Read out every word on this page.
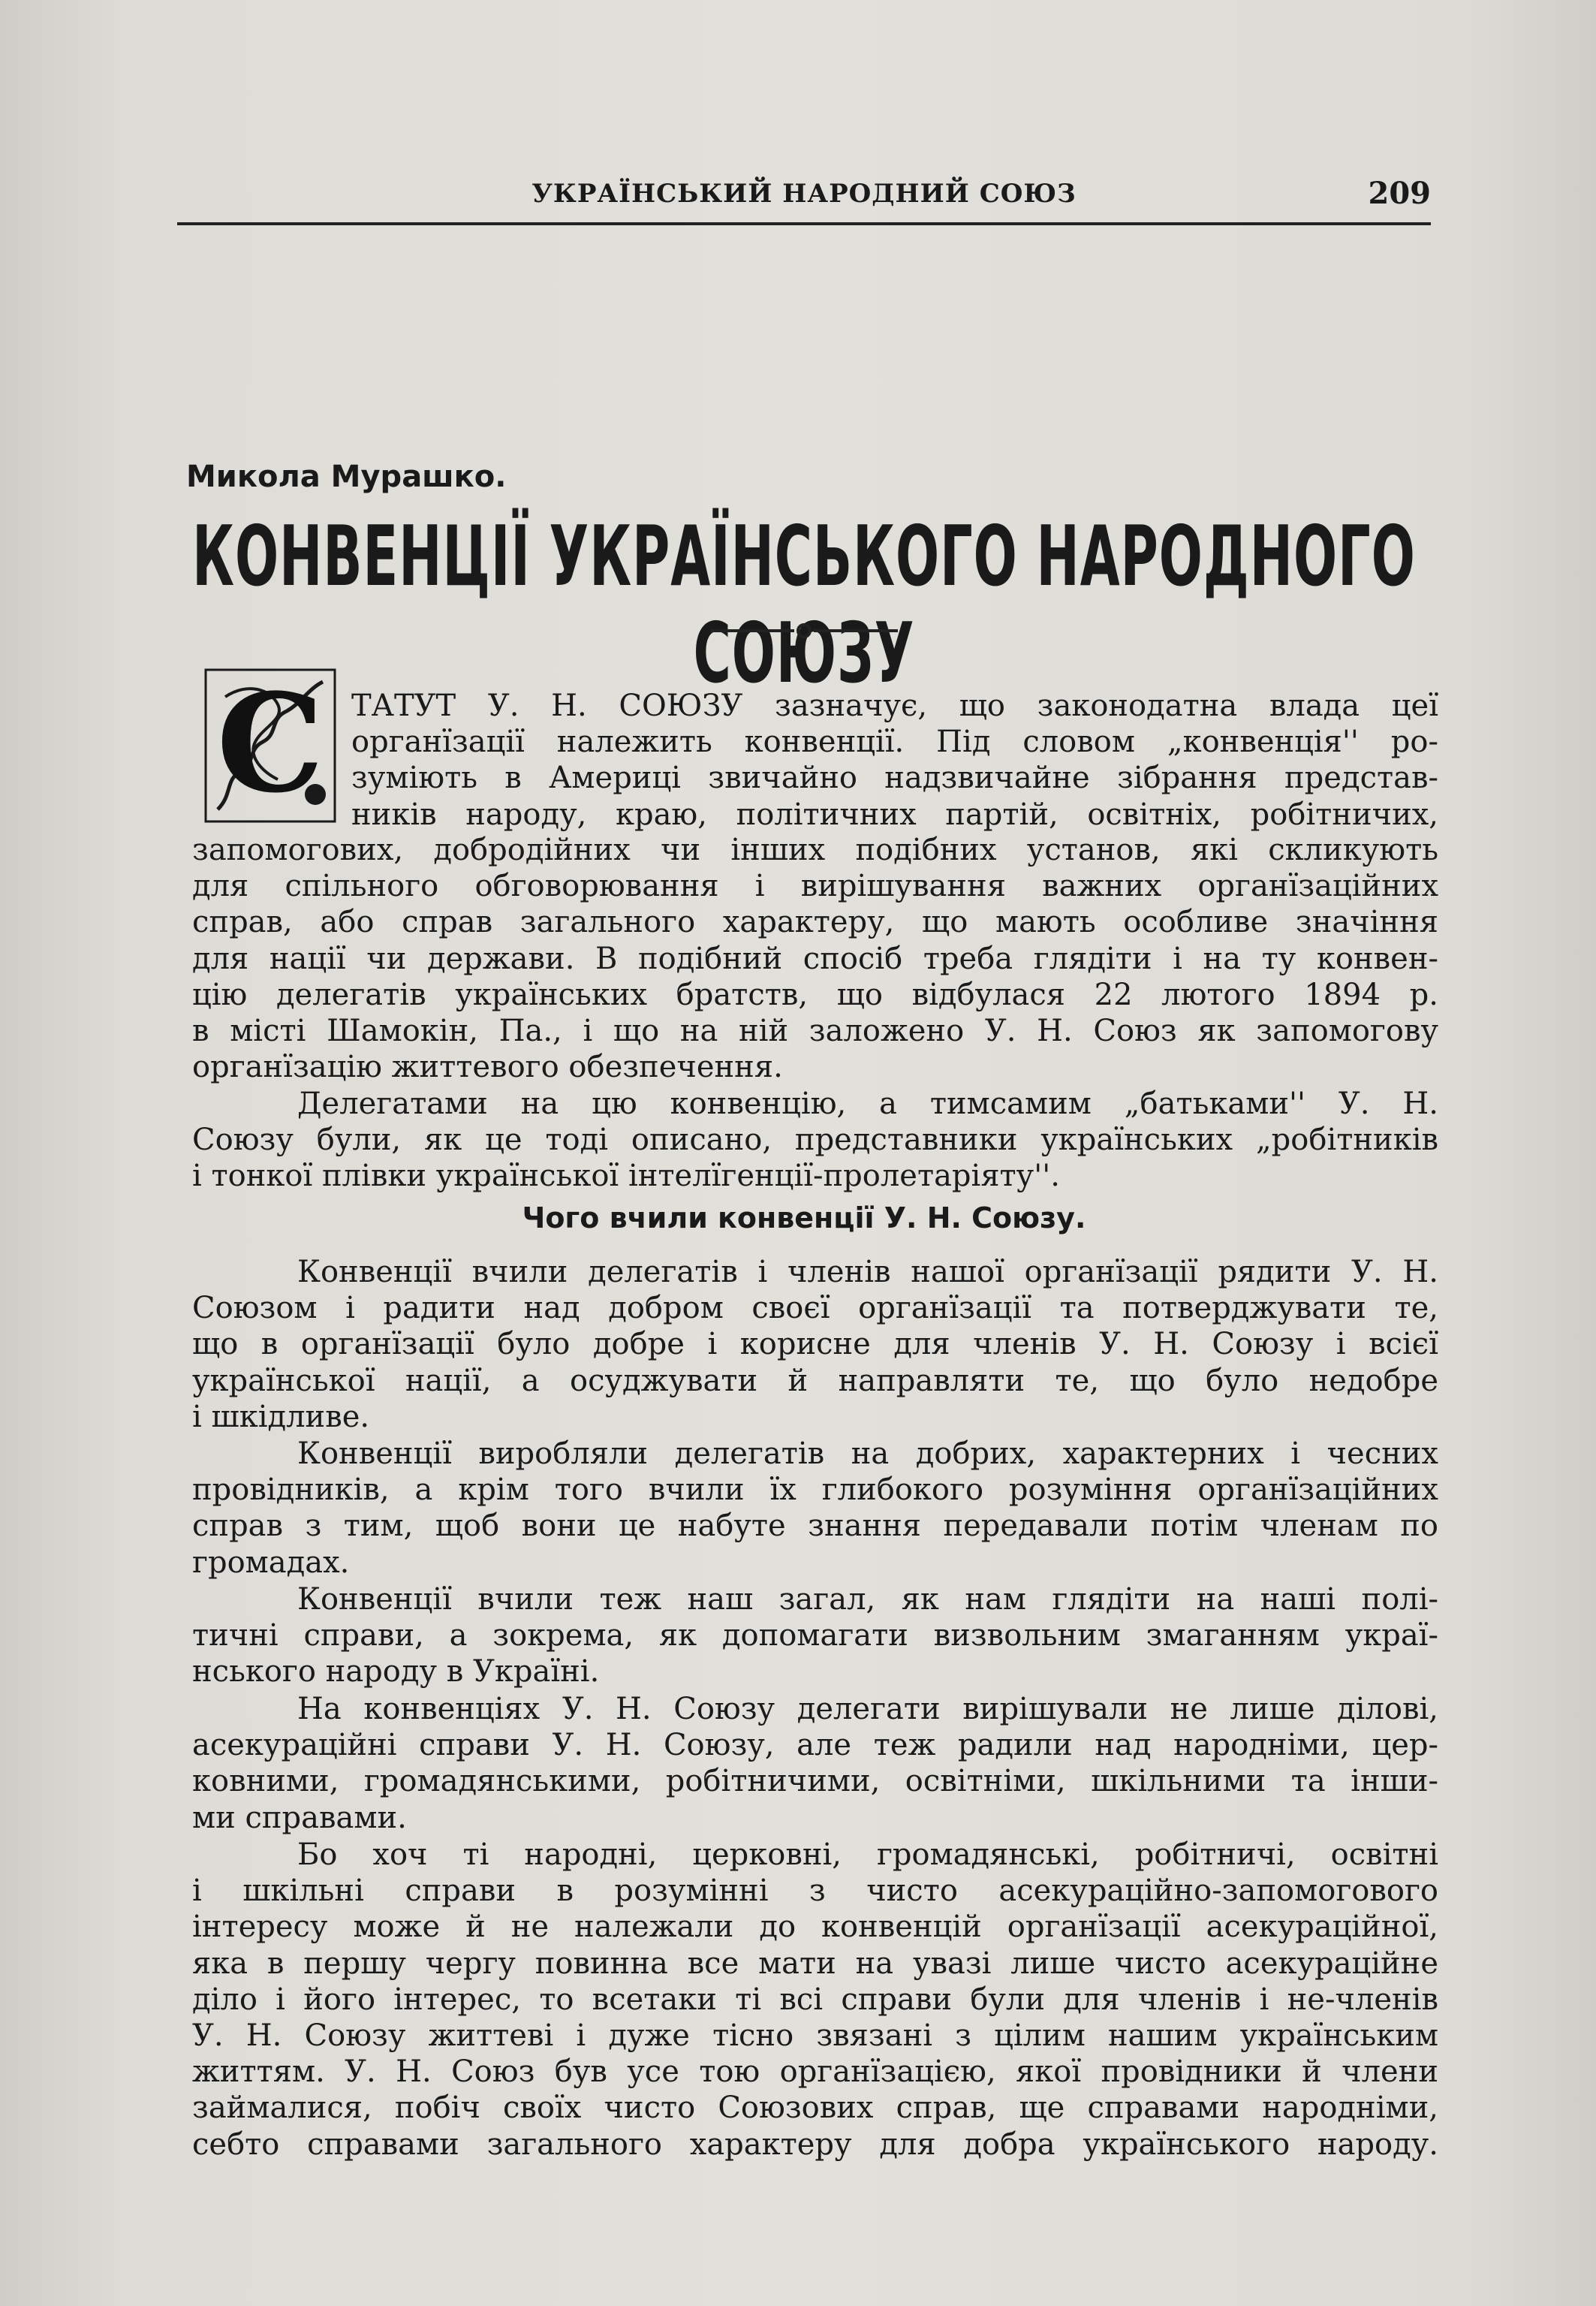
УКРАЇНСЬКИЙ НАРОДНИЙ СОЮЗ	209
Микола Мурашко.
КОНВЕНЦІЇ УКРАЇНСЬКОГО НАРОДНОГО СОЮЗУ
С ТАТУТ У. Н. СОЮЗУ зазначує, що законодатна влада цеї
органїзації належить конвенції. Під словом „конвенція'' ро-
зуміють в Америці звичайно надзвичайне зібрання представ-
ників народу, краю, політичних партій, освітніх, робітничих,
запомогових, добродійних чи інших подібних установ, які скликують
для спільного обговорювання і вирішування важних органїзаційних
справ, або справ загального характеру, що мають особливе значіння
для нації чи держави. В подібний спосіб треба глядіти і на ту конвен-
цію делегатів українських братств, що відбулася 22 лютого 1894 р.
в місті Шамокін, Па., і що на ній заложено У. Н. Союз як запомогову
органїзацію життевого обезпечення.
Делегатами на цю конвенцію, а тимсамим „батьками'' У. Н.
Союзу були, як це тоді описано, представники українських „робітників
і тонкої плівки української інтелїгенції-пролетаріяту''.
Чого вчили конвенції У. Н. Союзу.
Конвенції вчили делегатів і членів нашої органїзації рядити У. Н.
Союзом і радити над добром своєї органїзації та потверджувати те,
що в органїзації було добре і корисне для членів У. Н. Союзу і всієї
української нації, а осуджувати й направляти те, що було недобре
і шкідливе.
Конвенції виробляли делегатів на добрих, характерних і чесних
провідників, а крім того вчили їх глибокого розуміння органїзаційних
справ з тим, щоб вони це набуте знання передавали потім членам по
громадах.
Конвенції вчили теж наш загал, як нам глядіти на наші полі-
тичні справи, а зокрема, як допомагати визвольним змаганням украї-
нського народу в Україні.
На конвенціях У. Н. Союзу делегати вирішували не лише ділові,
асекураційні справи У. Н. Союзу, але теж радили над народніми, цер-
ковними, громадянськими, робітничими, освітніми, шкільними та інши-
ми справами.
Бо хоч ті народні, церковні, громадянські, робітничі, освітні
і шкільні справи в розумінні з чисто асекураційно-запомогового
інтересу може й не належали до конвенцій органїзації асекураційної,
яка в першу чергу повинна все мати на увазі лише чисто асекураційне
діло і його інтерес, то всетаки ті всі справи були для членів і не-членів
У. Н. Союзу життеві і дуже тісно звязані з цілим нашим українським
життям. У. Н. Союз був усе тою органїзацією, якої провідники й члени
займалися, побіч своїх чисто Союзових справ, ще справами народніми,
себто справами загального характеру для добра українського народу.
